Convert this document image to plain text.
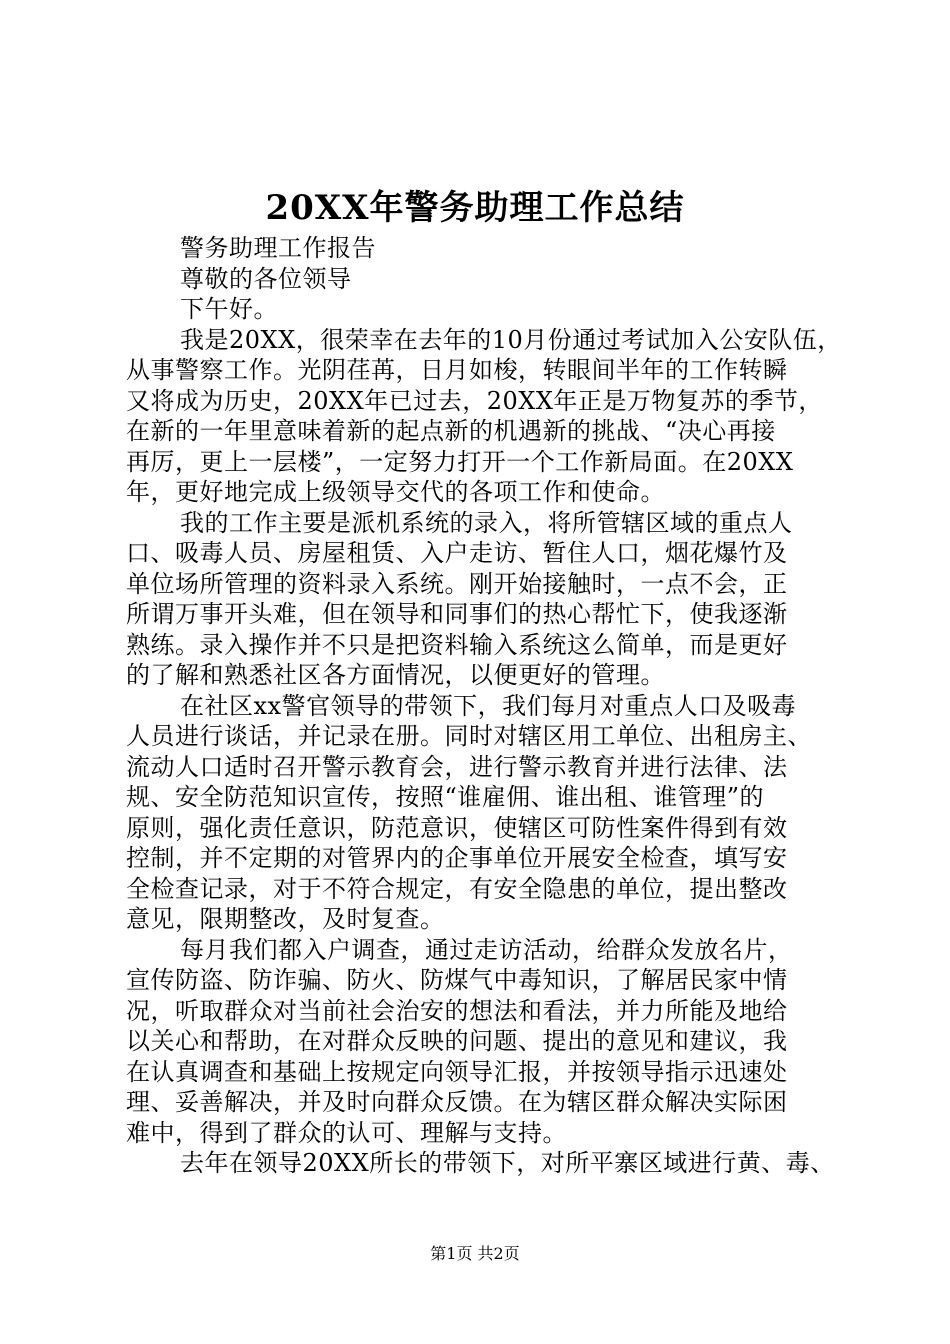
20XX年警务助理工作总结
警务助理工作报告
尊敬的各位领导
下午好。
我是20XX，很荣幸在去年的10月份通过考试加入公安队伍，
从事警察工作。光阴荏苒，日月如梭，转眼间半年的工作转瞬
又将成为历史，20XX年已过去，20XX年正是万物复苏的季节，
在新的一年里意味着新的起点新的机遇新的挑战、“决心再接
再厉，更上一层楼”，一定努力打开一个工作新局面。在20XX
年，更好地完成上级领导交代的各项工作和使命。
我的工作主要是派机系统的录入，将所管辖区域的重点人
口、吸毒人员、房屋租赁、入户走访、暂住人口，烟花爆竹及
单位场所管理的资料录入系统。刚开始接触时，一点不会，正
所谓万事开头难，但在领导和同事们的热心帮忙下，使我逐渐
熟练。录入操作并不只是把资料输入系统这么简单，而是更好
的了解和熟悉社区各方面情况，以便更好的管理。
在社区xx警官领导的带领下，我们每月对重点人口及吸毒
人员进行谈话，并记录在册。同时对辖区用工单位、出租房主、
流动人口适时召开警示教育会，进行警示教育并进行法律、法
规、安全防范知识宣传，按照“谁雇佣、谁出租、谁管理”的
原则，强化责任意识，防范意识，使辖区可防性案件得到有效
控制，并不定期的对管界内的企事单位开展安全检查，填写安
全检查记录，对于不符合规定，有安全隐患的单位，提出整改
意见，限期整改，及时复查。
每月我们都入户调查，通过走访活动，给群众发放名片，
宣传防盗、防诈骗、防火、防煤气中毒知识，了解居民家中情
况，听取群众对当前社会治安的想法和看法，并力所能及地给
以关心和帮助，在对群众反映的问题、提出的意见和建议，我
在认真调查和基础上按规定向领导汇报，并按领导指示迅速处
理、妥善解决，并及时向群众反馈。在为辖区群众解决实际困
难中，得到了群众的认可、理解与支持。
去年在领导20XX所长的带领下，对所平寨区域进行黄、毒、
第1页 共2页
